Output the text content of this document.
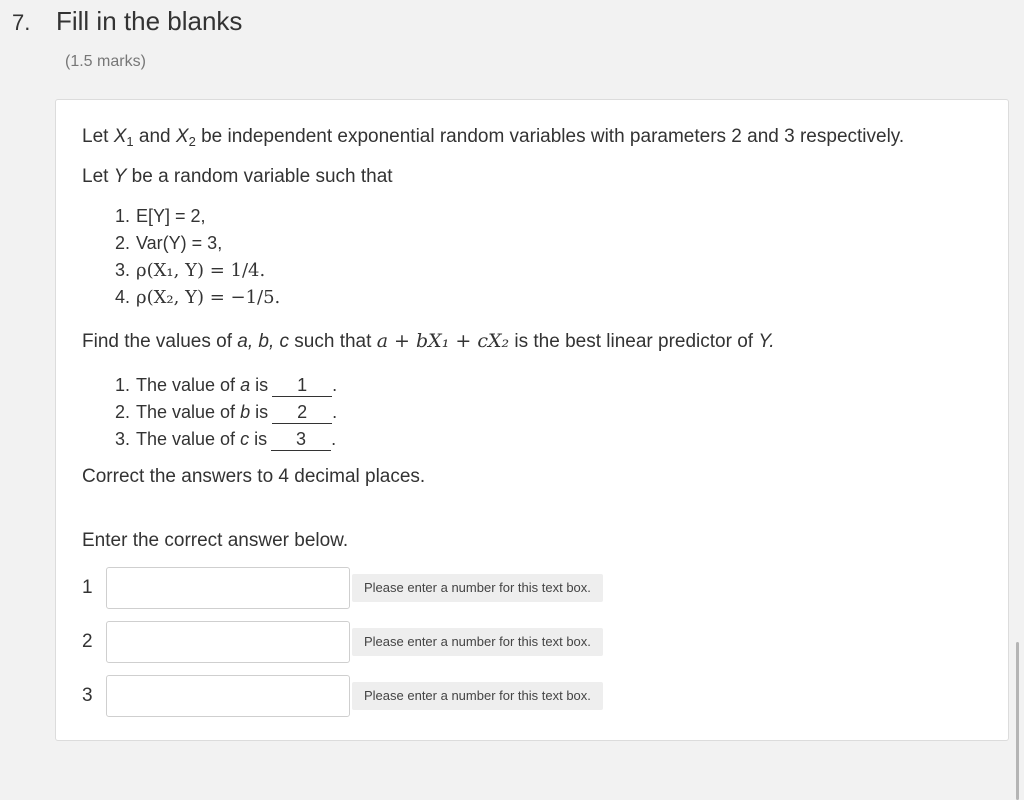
7. Fill in the blanks
(1.5 marks)
Let $X_1$ and $X_2$ be independent exponential random variables with parameters 2 and 3 respectively.
Let Y be a random variable such that
1. E[Y] = 2,
2. Var(Y) = 3,
3. ρ(X₁, Y) = 1/4.
4. ρ(X₂, Y) = −1/5.
Find the values of a, b, c such that a + bX₁ + cX₂ is the best linear predictor of Y.
1. The value of a is 1 .
2. The value of b is 2 .
3. The value of c is 3 .
Correct the answers to 4 decimal places.
Enter the correct answer below.
1	Please enter a number for this text box.
2	Please enter a number for this text box.
3	Please enter a number for this text box.
